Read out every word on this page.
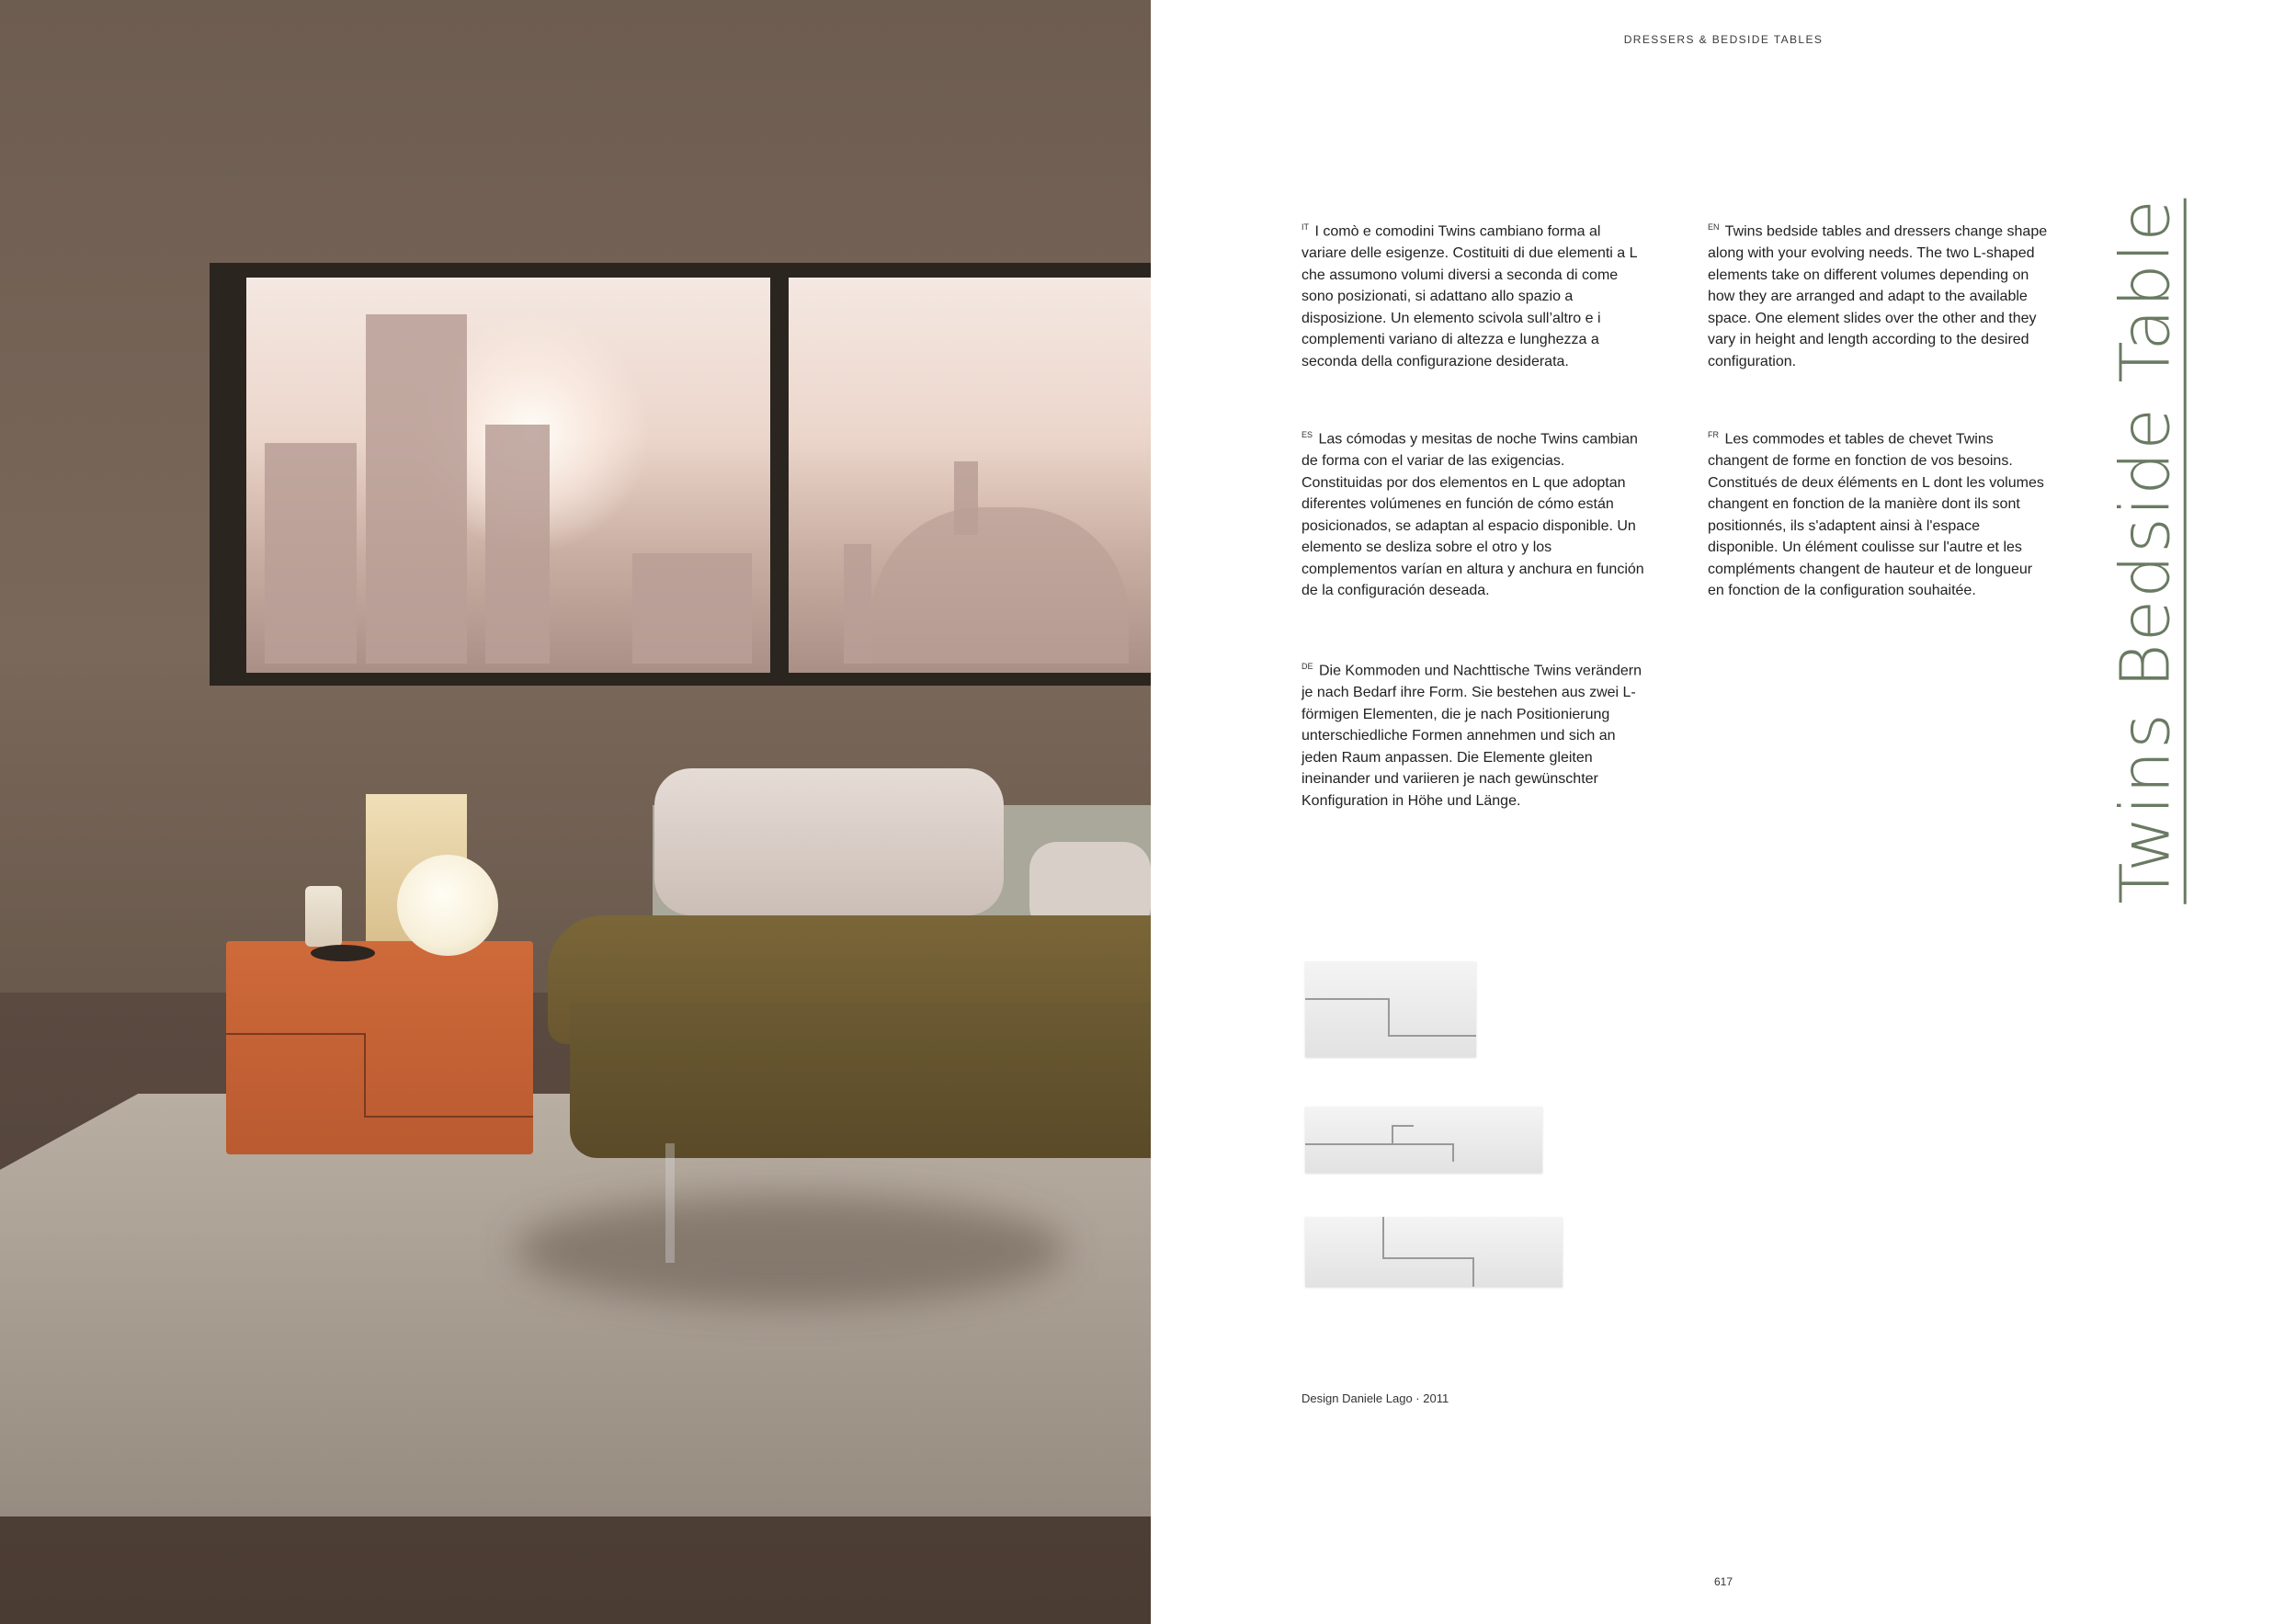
DRESSERS & BEDSIDE TABLES
$^{IT}$ I comò e comodini Twins cambiano forma al variare delle esigenze. Costituiti di due elementi a L che assumono volumi diversi a seconda di come sono posizionati, si adattano allo spazio a disposizione. Un elemento scivola sull’altro e i complementi variano di altezza e lunghezza a seconda della configurazione desiderata.
$^{ES}$ Las cómodas y mesitas de noche Twins cambian de forma con el variar de las exigencias. Constituidas por dos elementos en L que adoptan diferentes volúmenes en función de cómo están posicionados, se adaptan al espacio disponible. Un elemento se desliza sobre el otro y los complementos varían en altura y anchura en función de la configuración deseada.
$^{DE}$ Die Kommoden und Nachttische Twins verändern je nach Bedarf ihre Form. Sie bestehen aus zwei L-förmigen Elementen, die je nach Positionierung unterschiedliche Formen annehmen und sich an jeden Raum anpassen. Die Elemente gleiten ineinander und variieren je nach gewünschter Konfiguration in Höhe und Länge.
$^{EN}$ Twins bedside tables and dressers change shape along with your evolving needs. The two L-shaped elements take on different volumes depending on how they are arranged and adapt to the available space. One element slides over the other and they vary in height and length according to the desired configuration.
$^{FR}$ Les commodes et tables de chevet Twins changent de forme en fonction de vos besoins. Constitués de deux éléments en L dont les volumes changent en fonction de la manière dont ils sont positionnés, ils s'adaptent ainsi à l'espace disponible. Un élément coulisse sur l'autre et les compléments changent de hauteur et de longueur en fonction de la configuration souhaitée.	Twins Bedside Table
Design Daniele Lago · 2011
617
